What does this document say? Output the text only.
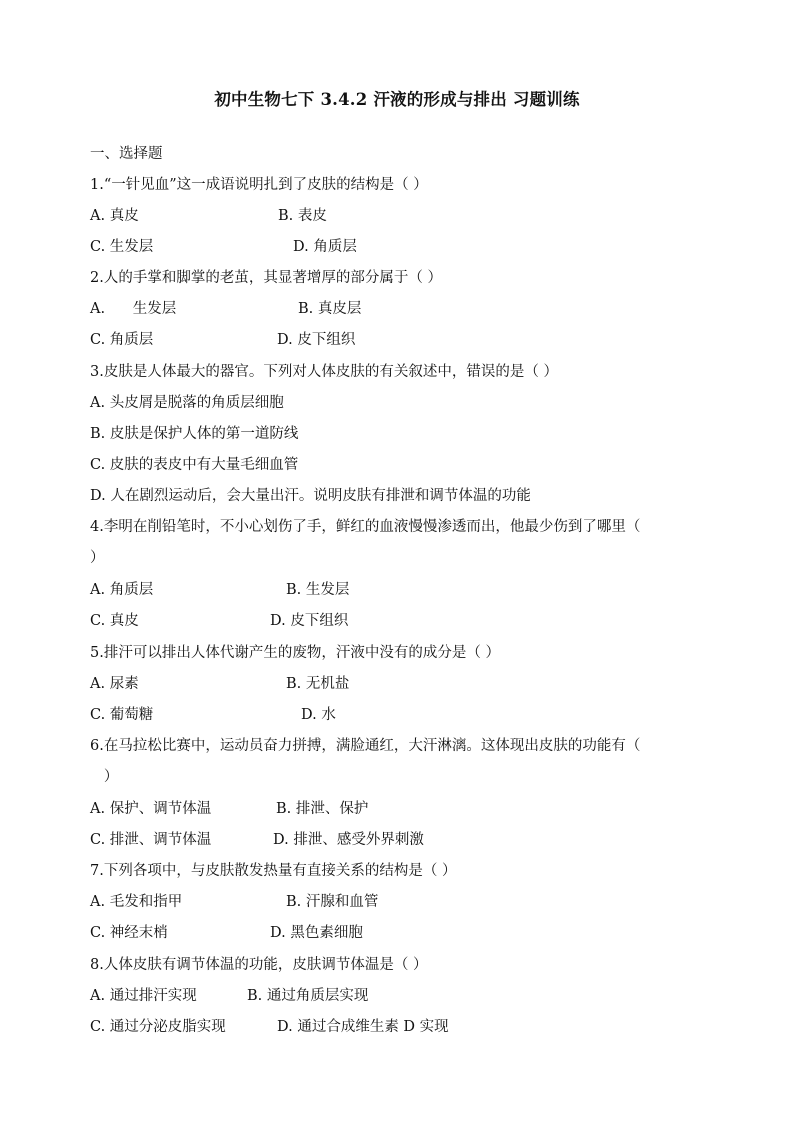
初中生物七下 3.4.2 汗液的形成与排出 习题训练
一、选择题
1.“一针见血”这一成语说明扎到了皮肤的结构是（ ）
A. 真皮	B. 表皮
C. 生发层	D. 角质层
2.人的手掌和脚掌的老茧，其显著增厚的部分属于（ ）
A.      生发层	B. 真皮层
C. 角质层	D. 皮下组织
3.皮肤是人体最大的器官。下列对人体皮肤的有关叙述中，错误的是（ ）
A. 头皮屑是脱落的角质层细胞
B. 皮肤是保护人体的第一道防线
C. 皮肤的表皮中有大量毛细血管
D. 人在剧烈运动后，会大量出汗。说明皮肤有排泄和调节体温的功能
4.李明在削铅笔时，不小心划伤了手，鲜红的血液慢慢渗透而出，他最少伤到了哪里（
）
A. 角质层	B. 生发层
C. 真皮	D. 皮下组织
5.排汗可以排出人体代谢产生的废物，汗液中没有的成分是（ ）
A. 尿素	B. 无机盐
C. 葡萄糖	D. 水
6.在马拉松比赛中，运动员奋力拼搏，满脸通红，大汗淋漓。这体现出皮肤的功能有（
）
A. 保护、调节体温	B. 排泄、保护
C. 排泄、调节体温	D. 排泄、感受外界刺激
7.下列各项中，与皮肤散发热量有直接关系的结构是（ ）
A. 毛发和指甲	B. 汗腺和血管
C. 神经末梢	D. 黑色素细胞
8.人体皮肤有调节体温的功能，皮肤调节体温是（ ）
A. 通过排汗实现	B. 通过角质层实现
C. 通过分泌皮脂实现	D. 通过合成维生素 D 实现
